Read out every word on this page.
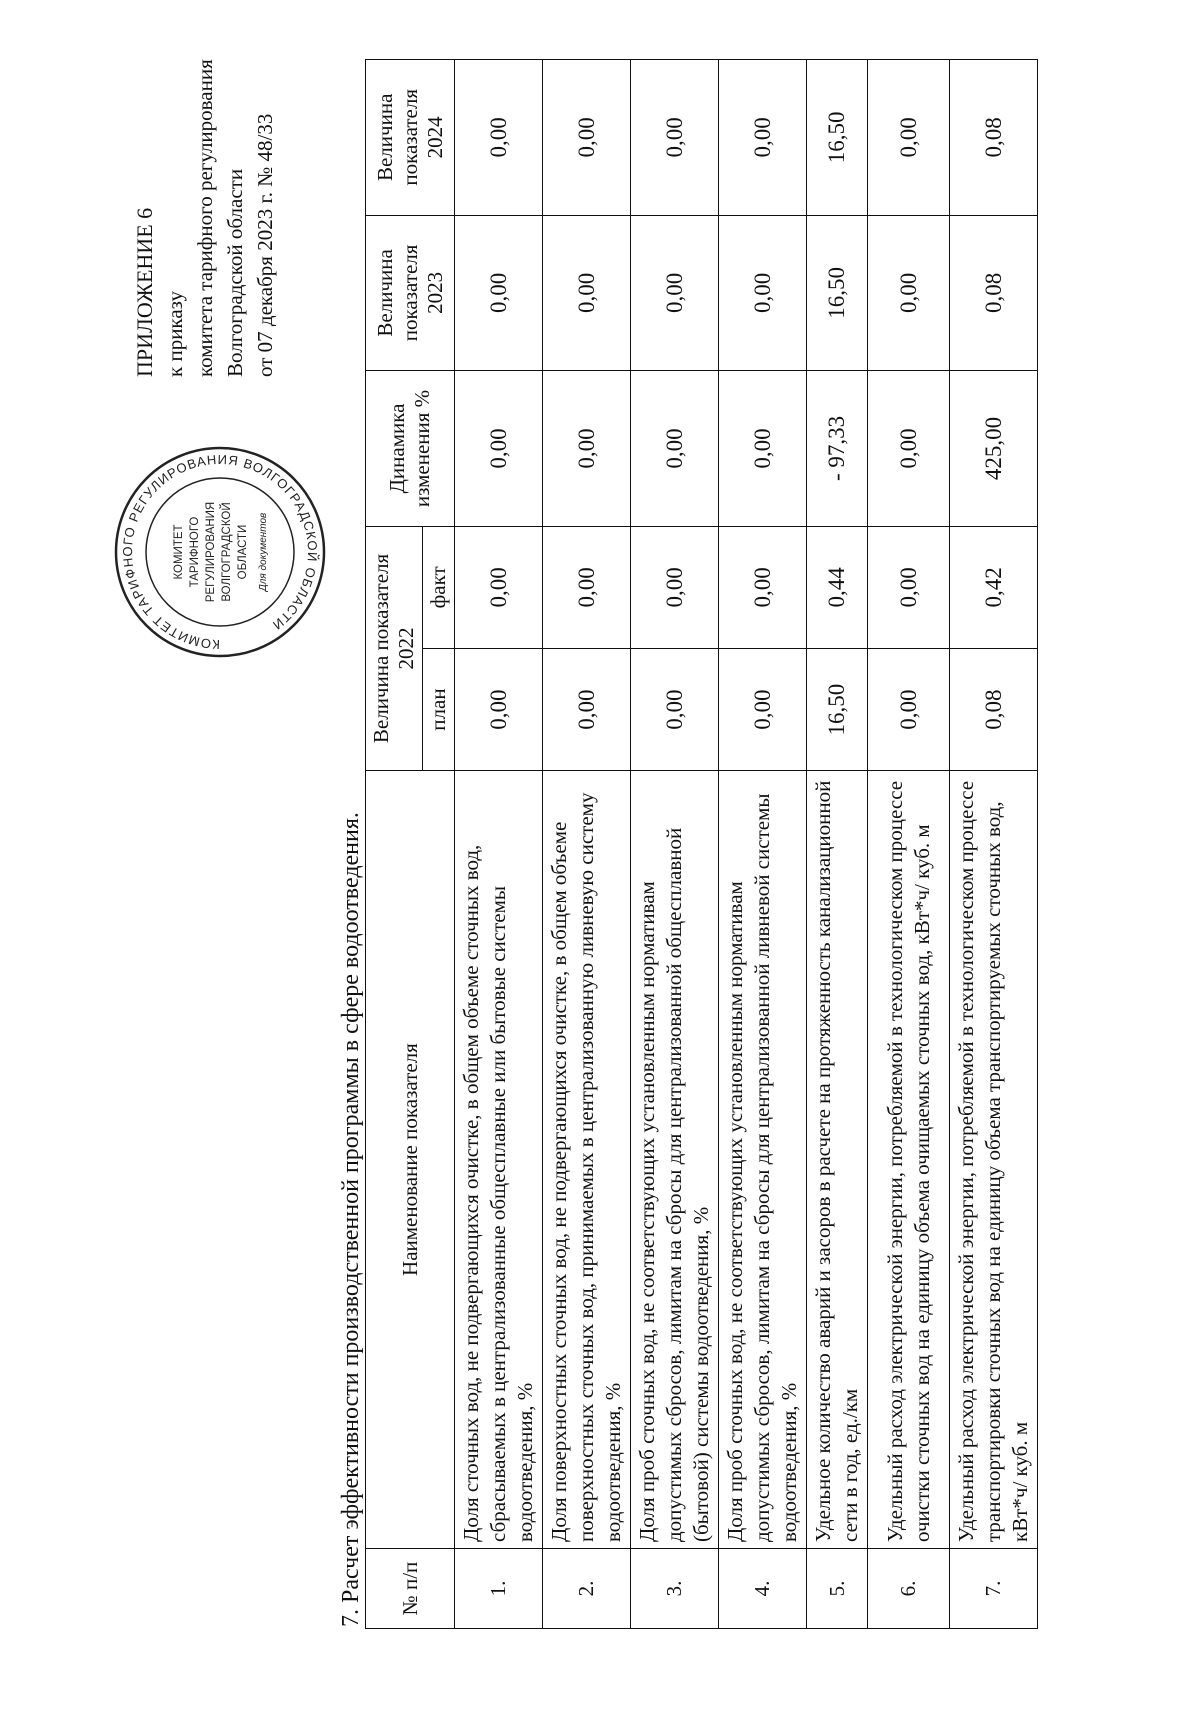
КОМИТЕТ ТАРИФНОГО РЕГУЛИРОВАНИЯ ВОЛГОГРАДСКОЙ ОБЛАСТИ
КОМИТЕТ ТАРИФНОГО РЕГУЛИРОВАНИЯ ВОЛГОГРАДСКОЙ ОБЛАСТИ Для документов
ПРИЛОЖЕНИЕ 6 к приказу комитета тарифного регулирования Волгоградской области от 07 декабря 2023 г. № 48/33
7. Расчет эффективности производственной программы в сфере водоотведения. № п/п	Наименование показателя	Величина показателя 2022		Динамика изменения %	Величина показателя 2023	Величина показателя 2024
		план	факт			
1.	Доля сточных вод, не подвергающихся очистке, в общем объеме сточных вод, сбрасываемых в централизованные общесплавные или бытовые системы водоотведения, %	0,00	0,00	0,00	0,00	0,00
2.	Доля поверхностных сточных вод, не подвергающихся очистке, в общем объеме поверхностных сточных вод, принимаемых в централизованную ливневую систему водоотведения, %	0,00	0,00	0,00	0,00	0,00
3.	Доля проб сточных вод, не соответствующих установленным нормативам допустимых сбросов, лимитам на сбросы для централизованной общесплавной (бытовой) системы водоотведения, %	0,00	0,00	0,00	0,00	0,00
4.	Доля проб сточных вод, не соответствующих установленным нормативам допустимых сбросов, лимитам на сбросы для централизованной ливневой системы водоотведения, %	0,00	0,00	0,00	0,00	0,00
5.	Удельное количество аварий и засоров в расчете на протяженность канализационной сети в год, ед./км	16,50	0,44	- 97,33	16,50	16,50
6.	Удельный расход электрической энергии, потребляемой в технологическом процессе очистки сточных вод на единицу объема очищаемых сточных вод, кВт*ч/ куб. м	0,00	0,00	0,00	0,00	0,00
7.	Удельный расход электрической энергии, потребляемой в технологическом процессе транспортировки сточных вод на единицу объема транспортируемых сточных вод, кВт*ч/ куб. м	0,08	0,42	425,00	0,08	0,08
